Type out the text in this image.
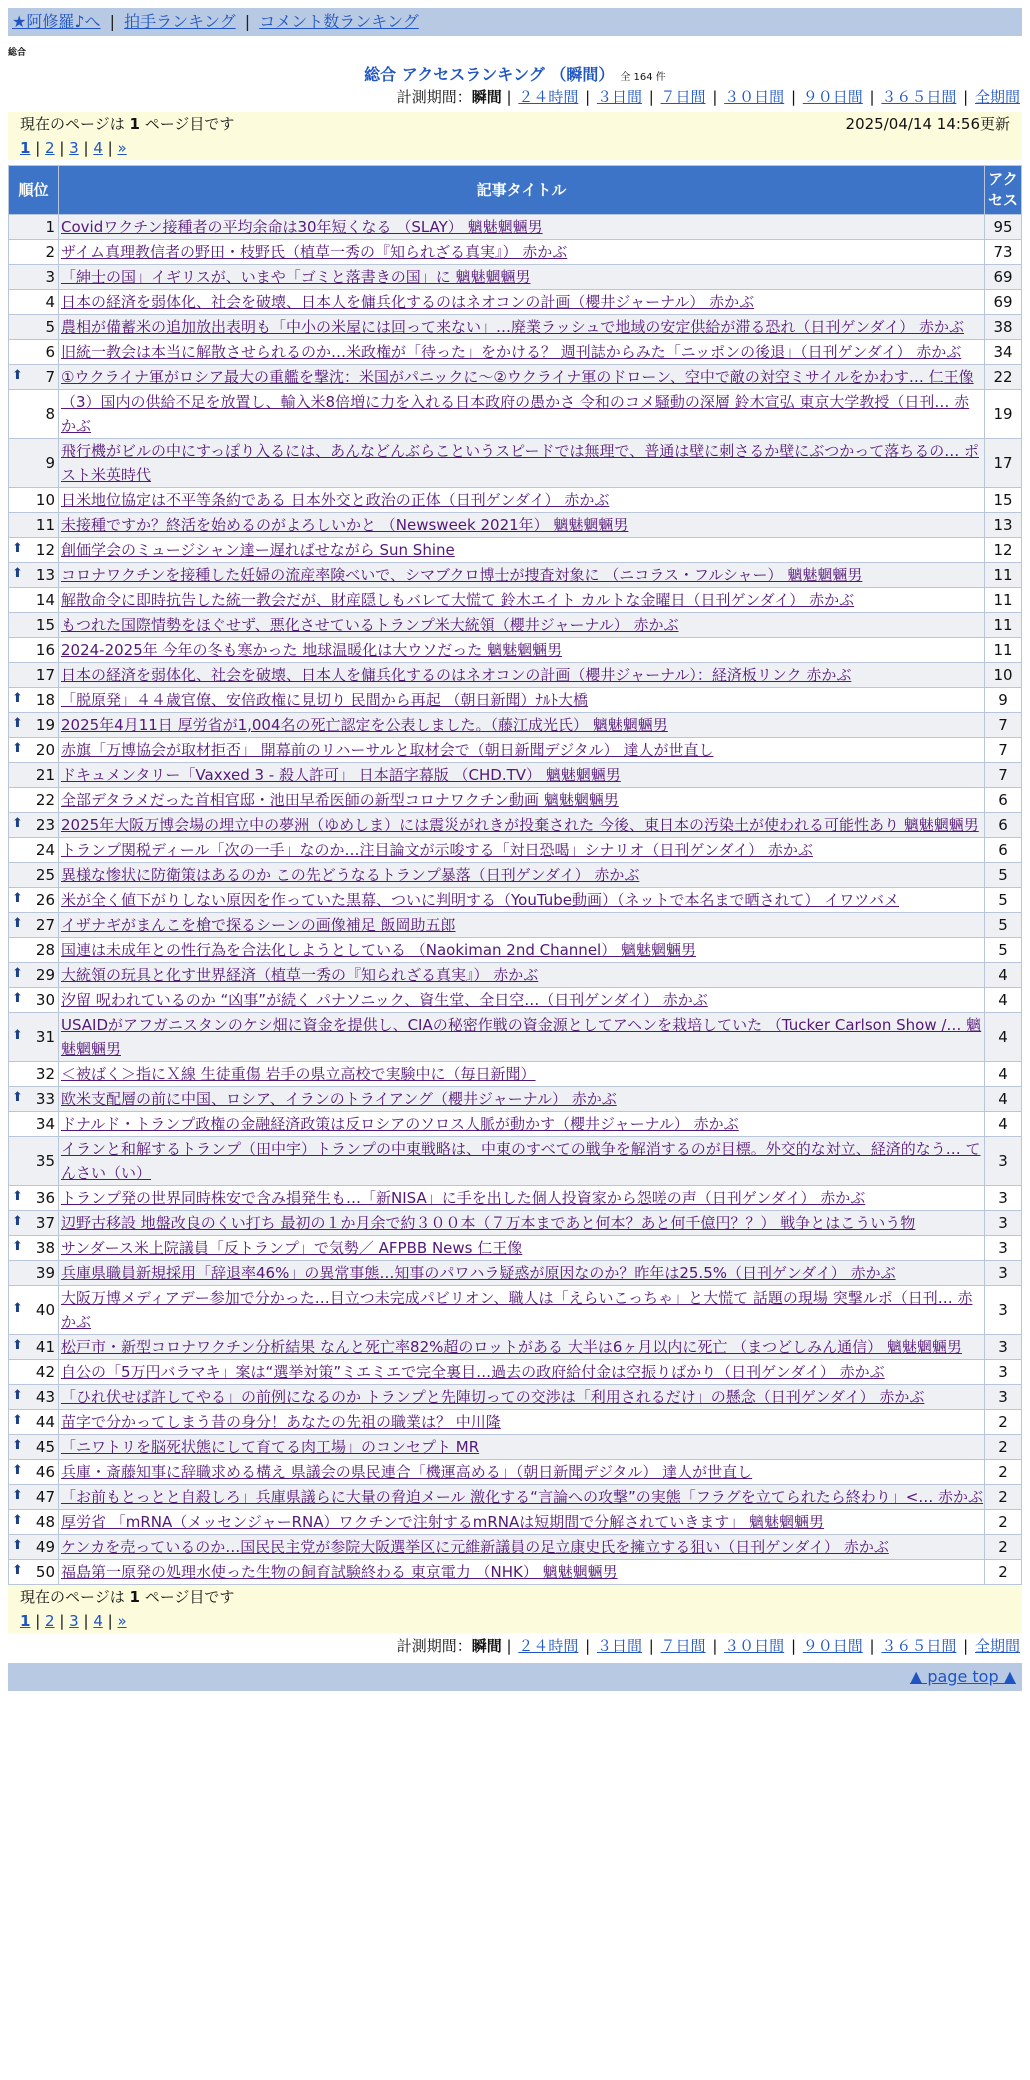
★阿修羅♪へ | 拍手ランキング | コメント数ランキング
総合
総合 アクセスランキング （瞬間） 全 164 件
計測期間：瞬間 | ２４時間 | ３日間 | ７日間 | ３０日間 | ９０日間 | ３６５日間 | 全期間
現在のページは 1 ページ目です	2025/04/14 14:56更新
1 | 2 | 3 | 4 | »
順位	記事タイトル	アクセス

1	Covidワクチン接種者の平均余命は30年短くなる （SLAY） 魑魅魍魎男	95
2	ザイム真理教信者の野田・枝野氏（植草一秀の『知られざる真実』） 赤かぶ	73
3	「紳士の国」イギリスが、いまや「ゴミと落書きの国」に 魑魅魍魎男	69
4	日本の経済を弱体化、社会を破壊、日本人を傭兵化するのはネオコンの計画（櫻井ジャーナル） 赤かぶ	69
5	農相が備蓄米の追加放出表明も「中小の米屋には回って来ない」…廃業ラッシュで地域の安定供給が滞る恐れ（日刊ゲンダイ） 赤かぶ	38
6	旧統一教会は本当に解散させられるのか…米政権が「待った」をかける？ 週刊誌からみた「ニッポンの後退」（日刊ゲンダイ） 赤かぶ	34

⬆ 7	①ウクライナ軍がロシア最大の重艦を撃沈：米国がパニックに〜②ウクライナ軍のドローン、空中で敵の対空ミサイルをかわす… 仁王像	22
8	（3）国内の供給不足を放置し、輸入米8倍増に力を入れる日本政府の愚かさ 令和のコメ騒動の深層 鈴木宣弘 東京大学教授（日刊… 赤かぶ	19
9	飛行機がビルの中にすっぽり入るには、あんなどんぶらこというスピードでは無理で、普通は壁に刺さるか壁にぶつかって落ちるの… ポスト米英時代	17
10	日米地位協定は不平等条約である 日本外交と政治の正体（日刊ゲンダイ） 赤かぶ	15
11	未接種ですか？終活を始めるのがよろしいかと （Newsweek 2021年） 魑魅魍魎男	13

⬆ 12	創価学会のミュージシャン達ー遅ればせながら Sun Shine	12

⬆ 13	コロナワクチンを接種した妊婦の流産率険べいで、シマブクロ博士が捜査対象に （ニコラス・フルシャー） 魑魅魍魎男	11
14	解散命令に即時抗告した統一教会だが、財産隠しもバレて大慌て 鈴木エイト カルトな金曜日（日刊ゲンダイ） 赤かぶ	11
15	もつれた国際情勢をほぐせず、悪化させているトランプ米大統領（櫻井ジャーナル） 赤かぶ	11
16	2024-2025年 今年の冬も寒かった 地球温暖化は大ウソだった 魑魅魍魎男	11
17	日本の経済を弱体化、社会を破壊、日本人を傭兵化するのはネオコンの計画（櫻井ジャーナル）：経済板リンク 赤かぶ	10

⬆ 18	「脱原発」４４歳官僚、安倍政権に見切り 民間から再起 （朝日新聞）ﾅﾙﾄ大橋	9

⬆ 19	2025年4月11日 厚労省が1,004名の死亡認定を公表しました。（藤江成光氏） 魑魅魍魎男	7

⬆ 20	赤旗「万博協会が取材拒否」 開幕前のリハーサルと取材会で（朝日新聞デジタル） 達人が世直し	7
21	ドキュメンタリー「Vaxxed 3 - 殺人許可」 日本語字幕版 （CHD.TV） 魑魅魍魎男	7
22	全部デタラメだった首相官邸・池田早希医師の新型コロナワクチン動画 魑魅魍魎男	6

⬆ 23	2025年大阪万博会場の埋立中の夢洲（ゆめしま）には震災がれきが投棄された 今後、東日本の汚染土が使われる可能性あり 魑魅魍魎男	6
24	トランプ関税ディール「次の一手」なのか…注目論文が示唆する「対日恐喝」シナリオ（日刊ゲンダイ） 赤かぶ	6
25	異様な惨状に防衛策はあるのか この先どうなるトランプ暴落（日刊ゲンダイ） 赤かぶ	5

⬆ 26	米が全く値下がりしない原因を作っていた黒幕、ついに判明する（YouTube動画）（ネットで本名まで晒されて） イワツバメ	5

⬆ 27	イザナギがまんこを槍で探るシーンの画像補足 飯岡助五郎	5
28	国連は未成年との性行為を合法化しようとしている （Naokiman 2nd Channel） 魑魅魍魎男	5

⬆ 29	大統領の玩具と化す世界経済（植草一秀の『知られざる真実』） 赤かぶ	4

⬆ 30	汐留 呪われているのか “凶事”が続く パナソニック、資生堂、全日空…（日刊ゲンダイ） 赤かぶ	4

⬆ 31	USAIDがアフガニスタンのケシ畑に資金を提供し、CIAの秘密作戦の資金源としてアヘンを栽培していた （Tucker Carlson Show /… 魑魅魍魎男	4
32	＜被ばく＞指にＸ線 生徒重傷 岩手の県立高校で実験中に（毎日新聞）	4

⬆ 33	欧米支配層の前に中国、ロシア、イランのトライアング（櫻井ジャーナル） 赤かぶ	4
34	ドナルド・トランプ政権の金融経済政策は反ロシアのソロス人脈が動かす（櫻井ジャーナル） 赤かぶ	4
35	イランと和解するトランプ（田中宇）トランプの中東戦略は、中東のすべての戦争を解消するのが目標。外交的な対立、経済的なう… てんさい（い）	3

⬆ 36	トランプ発の世界同時株安で含み損発生も…「新NISA」に手を出した個人投資家から怨嗟の声（日刊ゲンダイ） 赤かぶ	3

⬆ 37	辺野古移設 地盤改良のくい打ち 最初の１か月余で約３００本（７万本まであと何本？あと何千億円？？） 戦争とはこういう物	3

⬆ 38	サンダース米上院議員「反トランプ」で気勢／ AFPBB News 仁王像	3
39	兵庫県職員新規採用「辞退率46%」の異常事態…知事のパワハラ疑惑が原因なのか？昨年は25.5%（日刊ゲンダイ） 赤かぶ	3

⬆ 40	大阪万博メディアデー参加で分かった…目立つ未完成パビリオン、職人は「えらいこっちゃ」と大慌て 話題の現場 突撃ルポ（日刊… 赤かぶ	3

⬆ 41	松戸市・新型コロナワクチン分析結果 なんと死亡率82%超のロットがある 大半は6ヶ月以内に死亡 （まつどしみん通信） 魑魅魍魎男	3
42	自公の「5万円バラマキ」案は“選挙対策”ミエミエで完全裏目…過去の政府給付金は空振りばかり（日刊ゲンダイ） 赤かぶ	3

⬆ 43	「ひれ伏せば許してやる」の前例になるのか トランプと先陣切っての交渉は「利用されるだけ」の懸念（日刊ゲンダイ） 赤かぶ	3

⬆ 44	苗字で分かってしまう昔の身分！あなたの先祖の職業は？ 中川隆	2

⬆ 45	「ニワトリを脳死状態にして育てる肉工場」のコンセプト MR	2

⬆ 46	兵庫・斎藤知事に辞職求める構え 県議会の県民連合「機運高める」（朝日新聞デジタル） 達人が世直し	2

⬆ 47	「お前もとっとと自殺しろ」兵庫県議らに大量の脅迫メール 激化する“言論への攻撃”の実態「フラグを立てられたら終わり」<… 赤かぶ	2

⬆ 48	厚労省 「mRNA（メッセンジャーRNA）ワクチンで注射するmRNAは短期間で分解されていきます」 魑魅魍魎男	2

⬆ 49	ケンカを売っているのか…国民民主党が参院大阪選挙区に元維新議員の足立康史氏を擁立する狙い（日刊ゲンダイ） 赤かぶ	2

⬆ 50	福島第一原発の処理水使った生物の飼育試験終わる 東京電力 （NHK） 魑魅魍魎男	2
現在のページは 1 ページ目です
1 | 2 | 3 | 4 | »
計測期間：瞬間 | ２４時間 | ３日間 | ７日間 | ３０日間 | ９０日間 | ３６５日間 | 全期間
▲ page top ▲
